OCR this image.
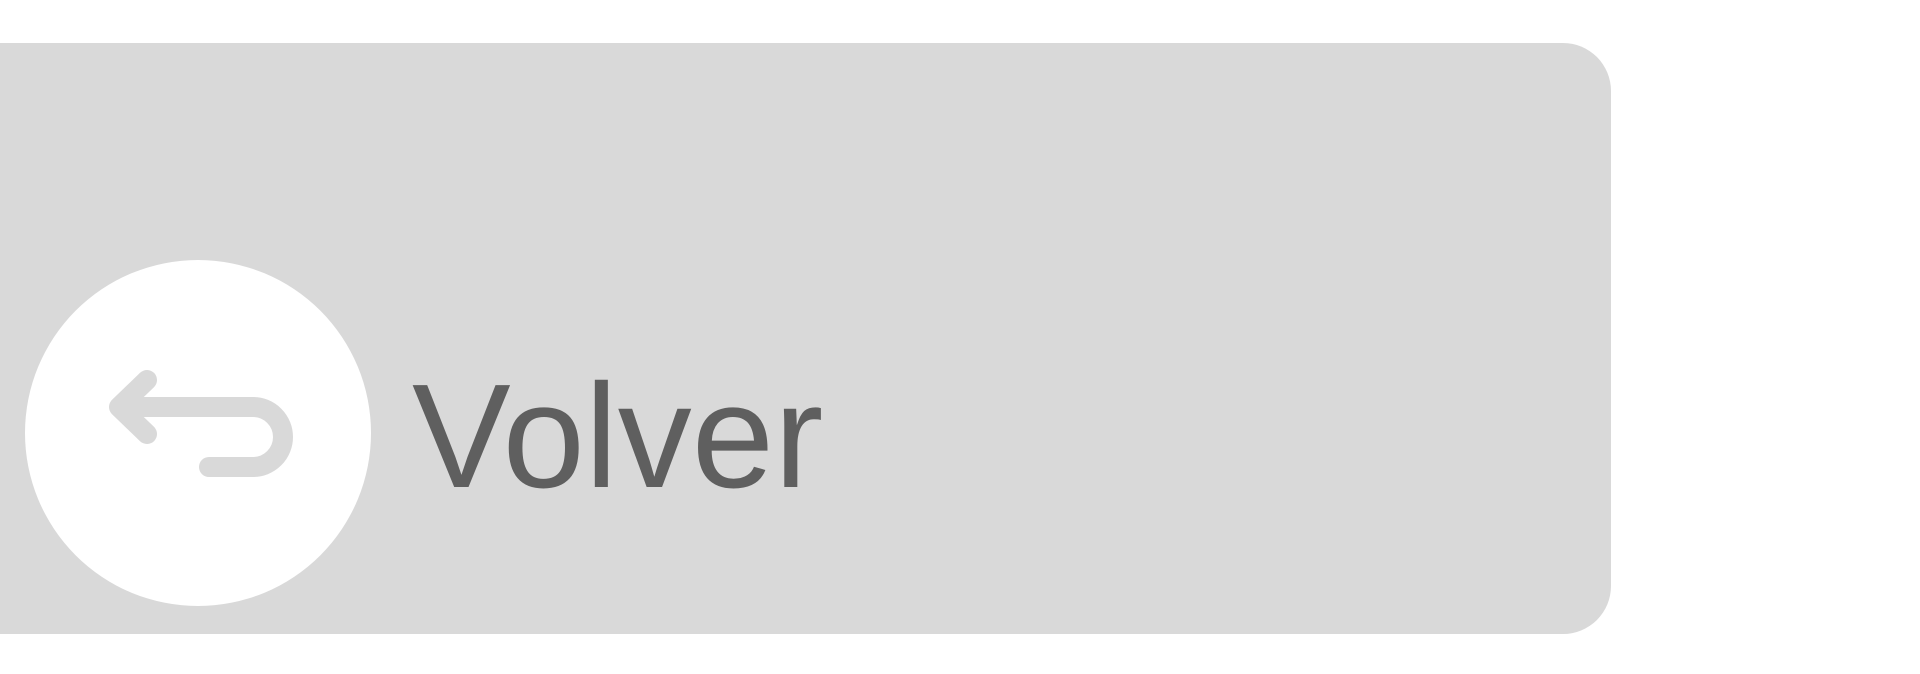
Volver
